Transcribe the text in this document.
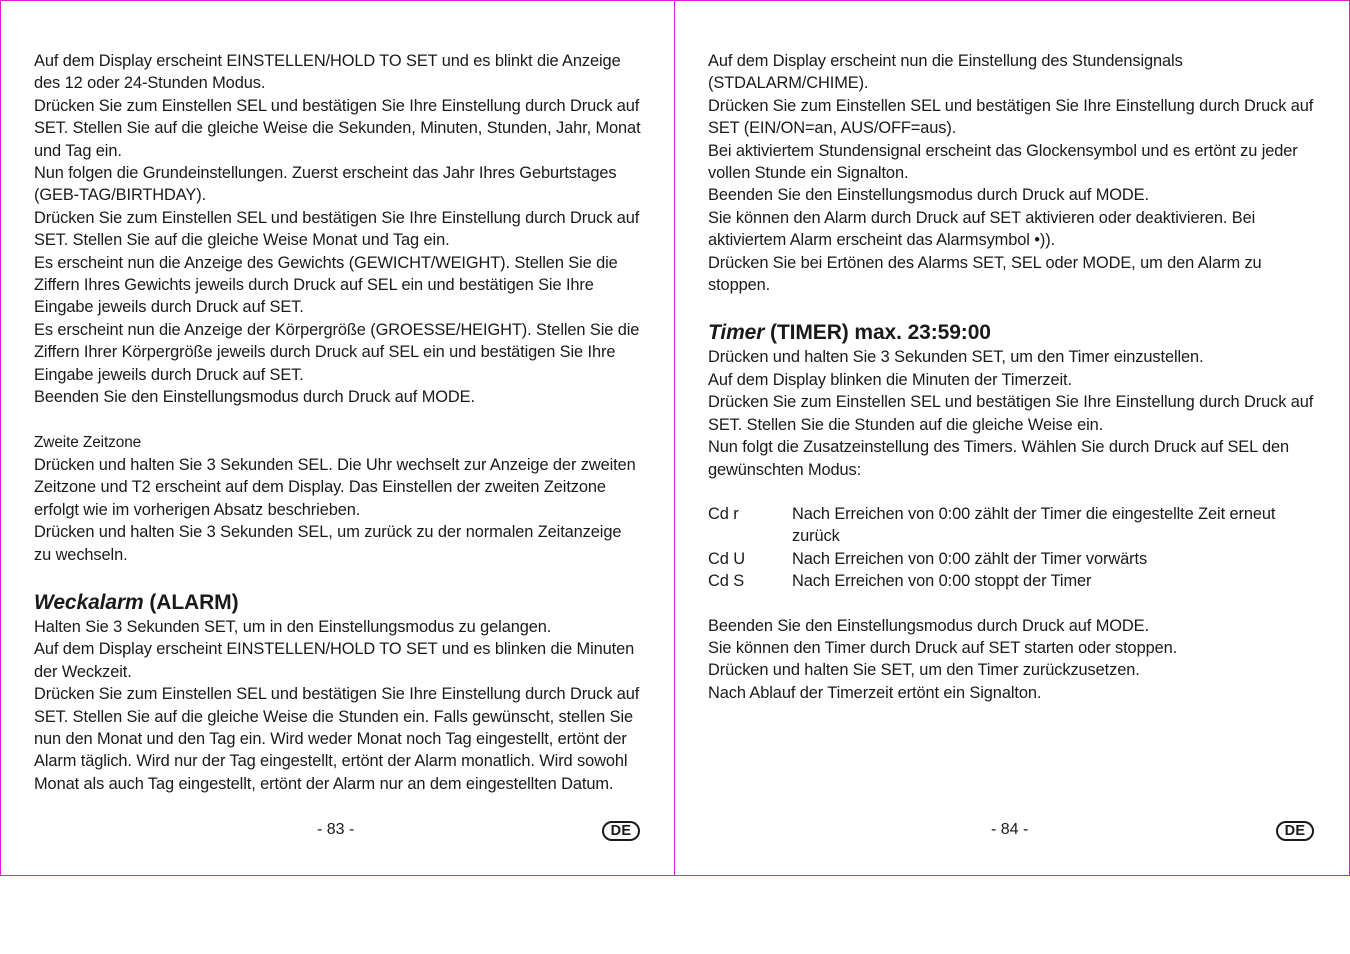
Auf dem Display erscheint EINSTELLEN/HOLD TO SET und es blinkt die Anzeige des 12 oder 24-Stunden Modus.

Drücken Sie zum Einstellen SEL und bestätigen Sie Ihre Einstellung durch Druck auf SET. Stellen Sie auf die gleiche Weise die Sekunden, Minuten, Stunden, Jahr, Monat und Tag ein.

Nun folgen die Grundeinstellungen. Zuerst erscheint das Jahr Ihres Geburtstages (GEB-TAG/BIRTHDAY).

Drücken Sie zum Einstellen SEL und bestätigen Sie Ihre Einstellung durch Druck auf SET. Stellen Sie auf die gleiche Weise Monat und Tag ein.

Es erscheint nun die Anzeige des Gewichts (GEWICHT/WEIGHT). Stellen Sie die Ziffern Ihres Gewichts jeweils durch Druck auf SEL ein und bestätigen Sie Ihre Eingabe jeweils durch Druck auf SET.

Es erscheint nun die Anzeige der Körpergröße (GROESSE/HEIGHT). Stellen Sie die Ziffern Ihrer Körpergröße jeweils durch Druck auf SEL ein und bestätigen Sie Ihre Eingabe jeweils durch Druck auf SET.

Beenden Sie den Einstellungsmodus durch Druck auf MODE.

Zweite Zeitzone

Drücken und halten Sie 3 Sekunden SEL. Die Uhr wechselt zur Anzeige der zweiten Zeitzone und T2 erscheint auf dem Display. Das Einstellen der zweiten Zeitzone erfolgt wie im vorherigen Absatz beschrieben.

Drücken und halten Sie 3 Sekunden SEL, um zurück zu der normalen Zeitanzeige zu wechseln.

Weckalarm (ALARM)

Halten Sie 3 Sekunden SET, um in den Einstellungsmodus zu gelangen.

Auf dem Display erscheint EINSTELLEN/HOLD TO SET und es blinken die Minuten der Weckzeit.

Drücken Sie zum Einstellen SEL und bestätigen Sie Ihre Einstellung durch Druck auf SET. Stellen Sie auf die gleiche Weise die Stunden ein. Falls gewünscht, stellen Sie nun den Monat und den Tag ein. Wird weder Monat noch Tag eingestellt, ertönt der Alarm täglich. Wird nur der Tag eingestellt, ertönt der Alarm monatlich. Wird sowohl Monat als auch Tag eingestellt, ertönt der Alarm nur an dem eingestellten Datum.

- 83 -	DE

Auf dem Display erscheint nun die Einstellung des Stundensignals (STDALARM/CHIME).

Drücken Sie zum Einstellen SEL und bestätigen Sie Ihre Einstellung durch Druck auf SET (EIN/ON=an, AUS/OFF=aus).

Bei aktiviertem Stundensignal erscheint das Glockensymbol und es ertönt zu jeder vollen Stunde ein Signalton.

Beenden Sie den Einstellungsmodus durch Druck auf MODE.

Sie können den Alarm durch Druck auf SET aktivieren oder deaktivieren. Bei aktiviertem Alarm erscheint das Alarmsymbol •)).

Drücken Sie bei Ertönen des Alarms SET, SEL oder MODE, um den Alarm zu stoppen.

Timer (TIMER) max. 23:59:00

Drücken und halten Sie 3 Sekunden SET, um den Timer einzustellen.

Auf dem Display blinken die Minuten der Timerzeit.

Drücken Sie zum Einstellen SEL und bestätigen Sie Ihre Einstellung durch Druck auf SET. Stellen Sie die Stunden auf die gleiche Weise ein.

Nun folgt die Zusatzeinstellung des Timers. Wählen Sie durch Druck auf SEL den gewünschten Modus:

Cd r	Nach Erreichen von 0:00 zählt der Timer die eingestellte Zeit erneut zurück
Cd U	Nach Erreichen von 0:00 zählt der Timer vorwärts
Cd S	Nach Erreichen von 0:00 stoppt der Timer

Beenden Sie den Einstellungsmodus durch Druck auf MODE.

Sie können den Timer durch Druck auf SET starten oder stoppen.

Drücken und halten Sie SET, um den Timer zurückzusetzen.

Nach Ablauf der Timerzeit ertönt ein Signalton.

- 84 -	DE
